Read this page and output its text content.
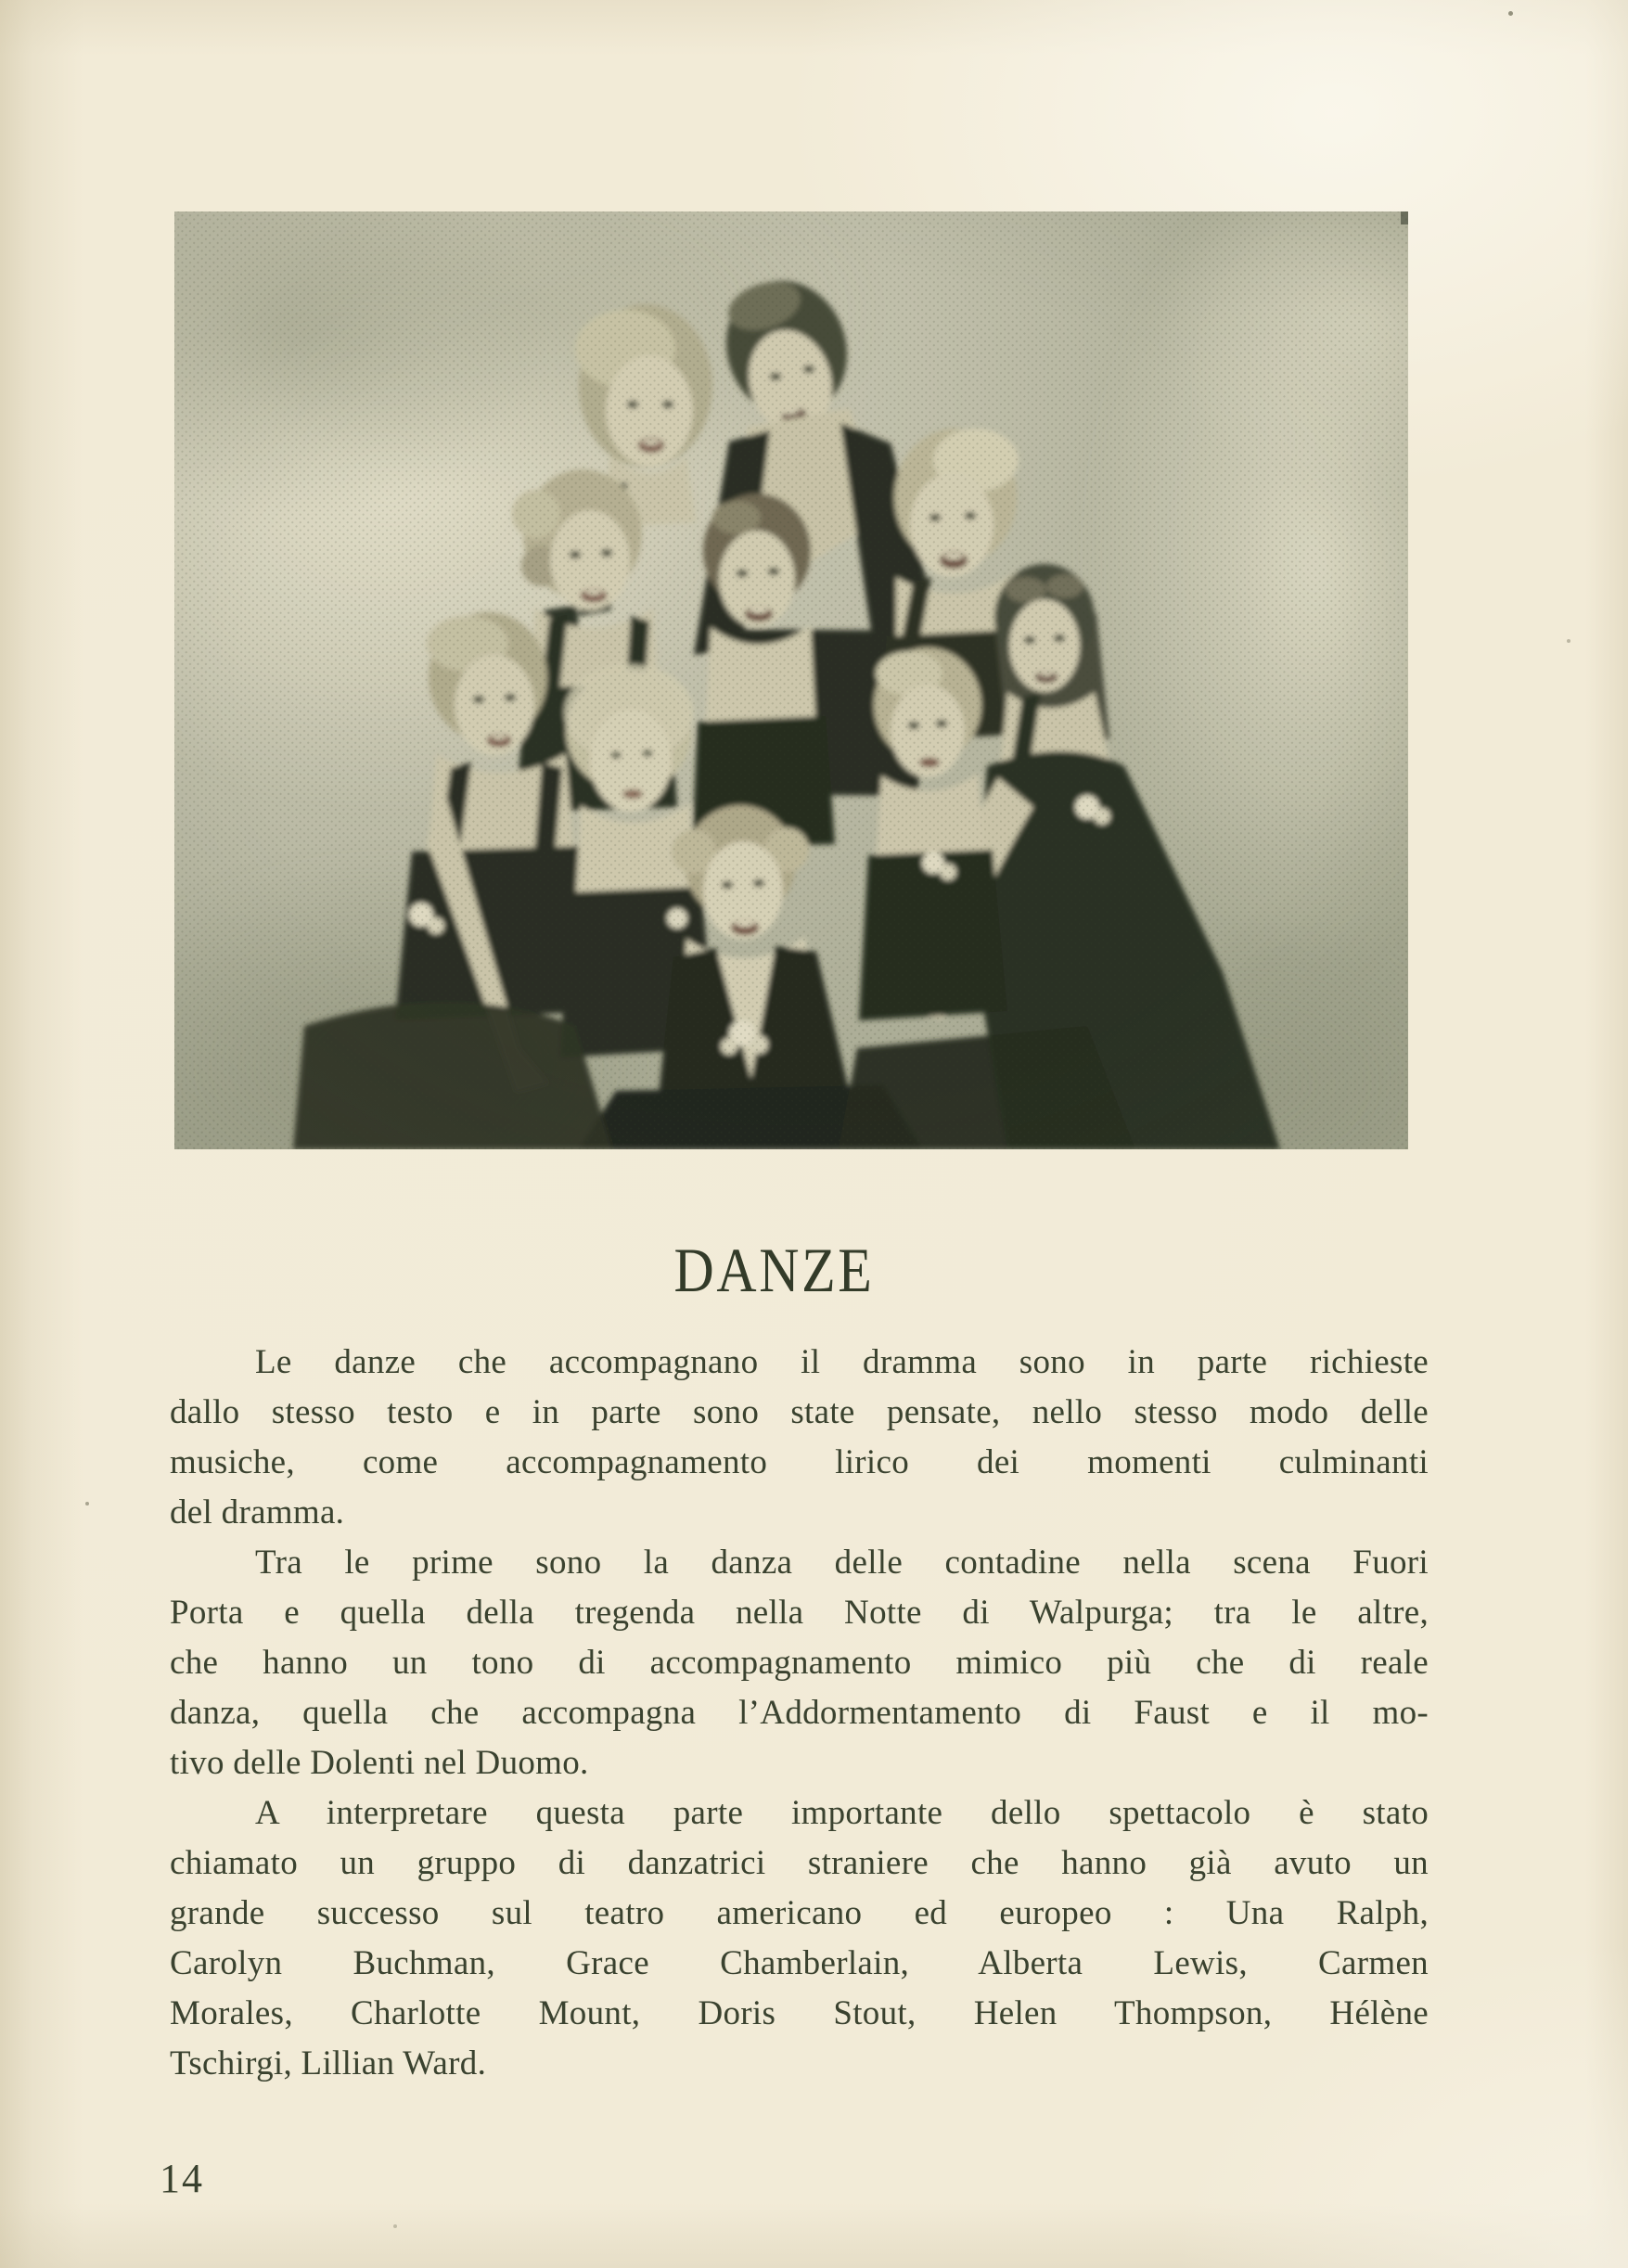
DANZE
Le danze che accompagnano il dramma sono in parte richieste
dallo stesso testo e in parte sono state pensate, nello stesso modo delle
musiche, come accompagnamento lirico dei momenti culminanti
del dramma.
Tra le prime sono la danza delle contadine nella scena Fuori
Porta e quella della tregenda nella Notte di Walpurga; tra le altre,
che hanno un tono di accompagnamento mimico più che di reale
danza, quella che accompagna l’Addormentamento di Faust e il mo-
tivo delle Dolenti nel Duomo.
A interpretare questa parte importante dello spettacolo è stato
chiamato un gruppo di danzatrici straniere che hanno già avuto un
grande successo sul teatro americano ed europeo : Una Ralph,
Carolyn Buchman, Grace Chamberlain, Alberta Lewis, Carmen
Morales, Charlotte Mount, Doris Stout, Helen Thompson, Hélène
Tschirgi, Lillian Ward.
14
